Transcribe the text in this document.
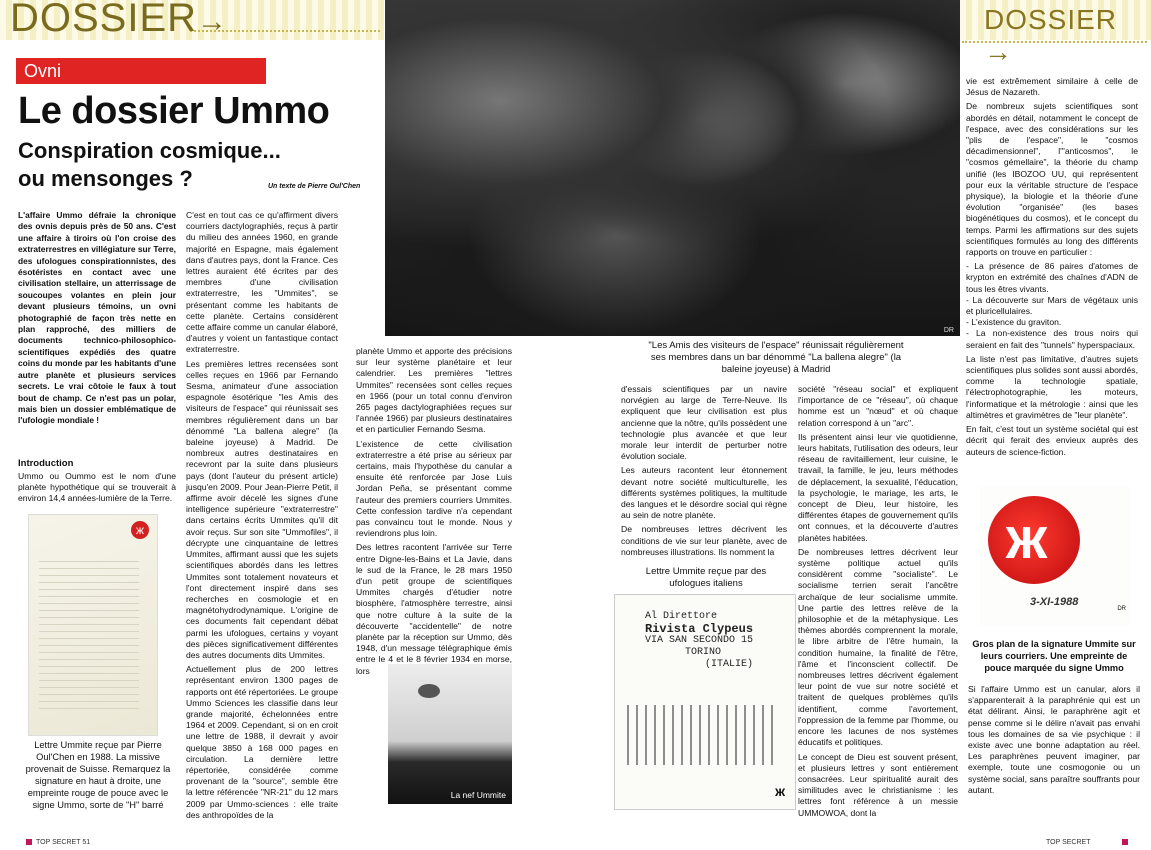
DOSSIER→	DOSSIER →
Ovni
Le dossier Ummo
Conspiration cosmique...
ou mensonges ?	Un texte de Pierre Oul'Chen
L'affaire Ummo défraie la chronique des ovnis depuis près de 50 ans. C'est une affaire à tiroirs où l'on croise des extraterrestres en villégiature sur Terre, des ufologues conspirationnistes, des ésotéristes en contact avec une civilisation stellaire, un atterrissage de soucoupes volantes en plein jour devant plusieurs témoins, un ovni photographié de façon très nette en plan rapproché, des milliers de documents technico-philosophico-scientifiques expédiés des quatre coins du monde par les habitants d'une autre planète et plusieurs services secrets. Le vrai côtoie le faux à tout bout de champ. Ce n'est pas un polar, mais bien un dossier emblématique de l'ufologie mondiale !
Introduction
Ummo ou Oummo est le nom d'une planète hypothétique qui se trouverait à environ 14,4 années-lumière de la Terre.
ж
Lettre Ummite reçue par Pierre Oul'Chen en 1988. La missive provenait de Suisse. Remarquez la signature en haut à droite, une empreinte rouge de pouce avec le signe Ummo, sorte de "H" barré

C'est en tout cas ce qu'affirment divers courriers dactylographiés, reçus à partir du milieu des années 1960, en grande majorité en Espagne, mais également dans d'autres pays, dont la France. Ces lettres auraient été écrites par des membres d'une civilisation extraterrestre, les "Ummites", se présentant comme les habitants de cette planète. Certains considèrent cette affaire comme un canular élaboré, d'autres y voient un fantastique contact extraterrestre.

Les premières lettres recensées sont celles reçues en 1966 par Fernando Sesma, animateur d'une association espagnole ésotérique "les Amis des visiteurs de l'espace" qui réunissait ses membres régulièrement dans un bar dénommé "La ballena alegre" (la baleine joyeuse) à Madrid. De nombreux autres destinataires en recevront par la suite dans plusieurs pays (dont l'auteur du présent article) jusqu'en 2009. Pour Jean-Pierre Petit, il affirme avoir décelé les signes d'une intelligence supérieure "extraterrestre" dans certains écrits Ummites qu'il dit avoir reçus. Sur son site "Ummofiles", il décrypte une cinquantaine de lettres Ummites, affirmant aussi que les sujets scientifiques abordés dans les lettres Ummites sont totalement novateurs et l'ont directement inspiré dans ses recherches en cosmologie et en magnétohydrodynamique. L'origine de ces documents fait cependant débat parmi les ufologues, certains y voyant des pièces significativement différentes des autres documents dits Ummites.

Actuellement plus de 200 lettres représentant environ 1300 pages de rapports ont été répertoriées. Le groupe Ummo Sciences les classifie dans leur grande majorité, échelonnées entre 1964 et 2009. Cependant, si on en croit une lettre de 1988, il devrait y avoir quelque 3850 à 168 000 pages en circulation. La dernière lettre répertoriée, considérée comme provenant de la "source", semble être la lettre référencée "NR-21" du 12 mars 2009 par Ummo-sciences : elle traite des anthropoïdes de la

DR
"Les Amis des visiteurs de l'espace" réunissait régulièrement ses membres dans un bar dénommé "La ballena alegre" (la baleine joyeuse) à Madrid

planète Ummo et apporte des précisions sur leur système planétaire et leur calendrier. Les premières "lettres Ummites" recensées sont celles reçues en 1966 (pour un total connu d'environ 265 pages dactylographiées reçues sur l'année 1966) par plusieurs destinataires et en particulier Fernando Sesma.

L'existence de cette civilisation extraterrestre a été prise au sérieux par certains, mais l'hypothèse du canular a ensuite été renforcée par Jose Luis Jordan Peña, se présentant comme l'auteur des premiers courriers Ummites. Cette confession tardive n'a cependant pas convaincu tout le monde. Nous y reviendrons plus loin.

Des lettres racontent l'arrivée sur Terre entre Digne-les-Bains et La Javie, dans le sud de la France, le 28 mars 1950 d'un petit groupe de scientifiques Ummites chargés d'étudier notre biosphère, l'atmosphère terrestre, ainsi que notre culture à la suite de la découverte "accidentelle" de notre planète par la réception sur Ummo, dès 1948, d'un message télégraphique émis entre le 4 et le 8 février 1934 en morse, lors

La nef Ummite

d'essais scientifiques par un navire norvégien au large de Terre-Neuve. Ils expliquent que leur civilisation est plus ancienne que la nôtre, qu'ils possèdent une technologie plus avancée et que leur morale leur interdit de perturber notre évolution sociale.

Les auteurs racontent leur étonnement devant notre société multiculturelle, les différents systèmes politiques, la multitude des langues et le désordre social qui règne au sein de notre planète.

De nombreuses lettres décrivent les conditions de vie sur leur planète, avec de nombreuses illustrations. Ils nomment la

Lettre Ummite reçue par des ufologues italiens
Al Direttore
Rivista Clypeus
VIA SAN SECONDO 15
TORINO
(ITALIE)
ж

société "réseau social" et expliquent l'importance de ce "réseau", où chaque homme est un "nœud" et où chaque relation correspond à un "arc".

Ils présentent ainsi leur vie quotidienne, leurs habitats, l'utilisation des odeurs, leur réseau de ravitaillement, leur cuisine, le travail, la famille, le jeu, leurs méthodes de déplacement, la sexualité, l'éducation, la psychologie, le mariage, les arts, le concept de Dieu, leur histoire, les différentes étapes de gouvernement qu'ils ont connues, et la découverte d'autres planètes habitées.

De nombreuses lettres décrivent leur système politique actuel qu'ils considèrent comme "socialiste". Le socialisme terrien serait l'ancêtre archaïque de leur socialisme ummite. Une partie des lettres relève de la philosophie et de la métaphysique. Les thèmes abordés comprennent la morale, le libre arbitre de l'être humain, la condition humaine, la finalité de l'être, l'âme et l'inconscient collectif. De nombreuses lettres décrivent également leur point de vue sur notre société et traitent de quelques problèmes qu'ils identifient, comme l'avortement, l'oppression de la femme par l'homme, ou encore les lacunes de nos systèmes éducatifs et politiques.

Le concept de Dieu est souvent présent, et plusieurs lettres y sont entièrement consacrées. Leur spiritualité aurait des similitudes avec le christianisme : les lettres font référence à un messie UMMOWOA, dont la

vie est extrêmement similaire à celle de Jésus de Nazareth.

De nombreux sujets scientifiques sont abordés en détail, notamment le concept de l'espace, avec des considérations sur les "plis de l'espace", le "cosmos décadimensionnel", l'"anticosmos", le "cosmos gémellaire", la théorie du champ unifié (les IBOZOO UU, qui représentent pour eux la véritable structure de l'espace physique), la biologie et la théorie d'une évolution "organisée" (les bases biogénétiques du cosmos), et le concept du temps. Parmi les affirmations sur des sujets scientifiques formulés au long des différents rapports on trouve en particulier :

- La présence de 86 paires d'atomes de krypton en extrémité des chaînes d'ADN de tous les êtres vivants.

- La découverte sur Mars de végétaux unis et pluricellulaires.

- L'existence du graviton.

- La non-existence des trous noirs qui seraient en fait des "tunnels" hyperspaciaux.

La liste n'est pas limitative, d'autres sujets scientifiques plus solides sont aussi abordés, comme la technologie spatiale, l'électrophotographie, les moteurs, l'informatique et la métrologie : ainsi que les altimètres et gravimètres de "leur planète".

En fait, c'est tout un système sociétal qui est décrit qui ferait des envieux auprès des auteurs de science-fiction.

ж
3-XI-1988
DR
Gros plan de la signature Ummite sur leurs courriers. Une empreinte de pouce marquée du signe Ummo
Si l'affaire Ummo est un canular, alors il s'apparenterait à la paraphrénie qui est un état délirant. Ainsi, le paraphrène agit et pense comme si le délire n'avait pas envahi tous les domaines de sa vie psychique : il existe avec une bonne adaptation au réel. Les paraphrènes peuvent imaginer, par exemple, toute une cosmogonie ou un système social, sans paraître souffrants pour autant.
TOP SECRET 51	TOP SECRET
